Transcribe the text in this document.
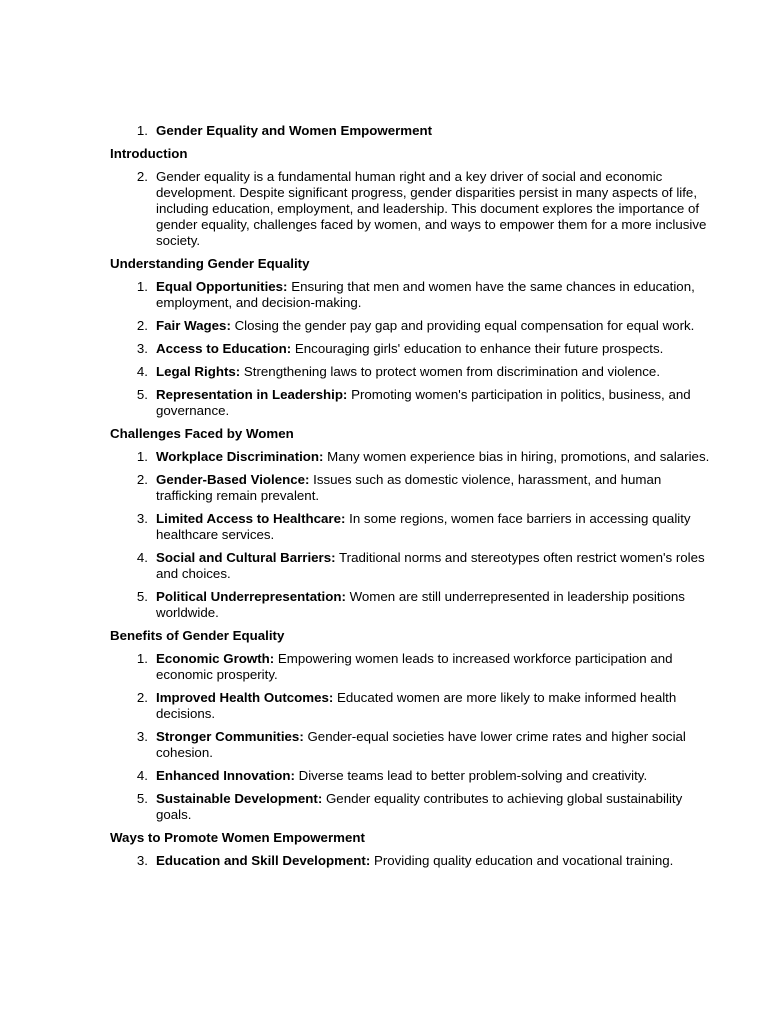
1. Gender Equality and Women Empowerment
Introduction
2. Gender equality is a fundamental human right and a key driver of social and economic development. Despite significant progress, gender disparities persist in many aspects of life, including education, employment, and leadership. This document explores the importance of gender equality, challenges faced by women, and ways to empower them for a more inclusive society.
Understanding Gender Equality
1. Equal Opportunities: Ensuring that men and women have the same chances in education, employment, and decision-making.
2. Fair Wages: Closing the gender pay gap and providing equal compensation for equal work.
3. Access to Education: Encouraging girls' education to enhance their future prospects.
4. Legal Rights: Strengthening laws to protect women from discrimination and violence.
5. Representation in Leadership: Promoting women's participation in politics, business, and governance.
Challenges Faced by Women
1. Workplace Discrimination: Many women experience bias in hiring, promotions, and salaries.
2. Gender-Based Violence: Issues such as domestic violence, harassment, and human trafficking remain prevalent.
3. Limited Access to Healthcare: In some regions, women face barriers in accessing quality healthcare services.
4. Social and Cultural Barriers: Traditional norms and stereotypes often restrict women's roles and choices.
5. Political Underrepresentation: Women are still underrepresented in leadership positions worldwide.
Benefits of Gender Equality
1. Economic Growth: Empowering women leads to increased workforce participation and economic prosperity.
2. Improved Health Outcomes: Educated women are more likely to make informed health decisions.
3. Stronger Communities: Gender-equal societies have lower crime rates and higher social cohesion.
4. Enhanced Innovation: Diverse teams lead to better problem-solving and creativity.
5. Sustainable Development: Gender equality contributes to achieving global sustainability goals.
Ways to Promote Women Empowerment
3. Education and Skill Development: Providing quality education and vocational training.
